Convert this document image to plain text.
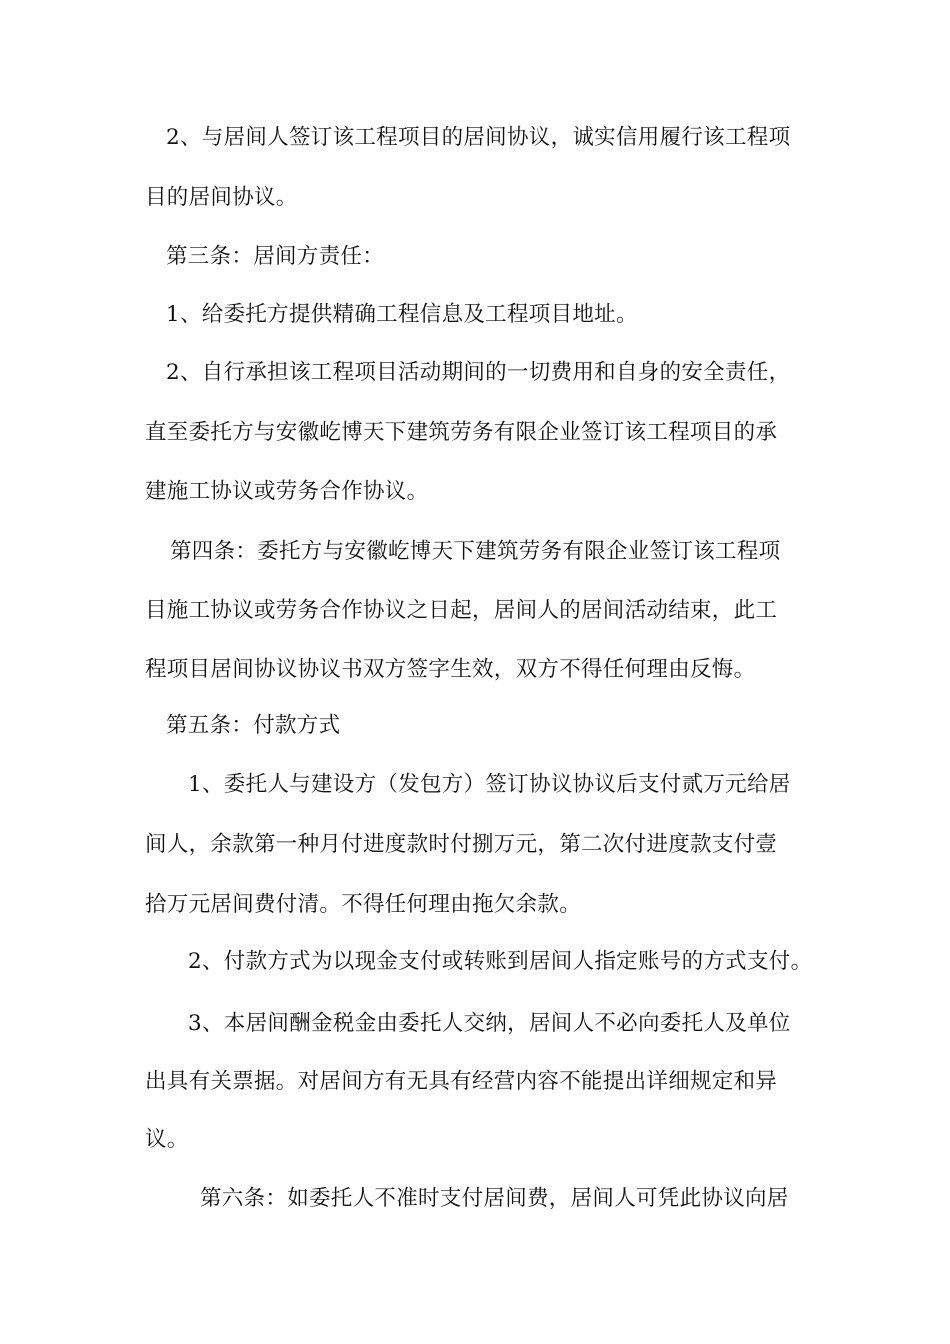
2、与居间人签订该工程项目的居间协议，诚实信用履行该工程项
目的居间协议。
第三条：居间方责任：
1、给委托方提供精确工程信息及工程项目地址。
2、自行承担该工程项目活动期间的一切费用和自身的安全责任，
直至委托方与安徽屹博天下建筑劳务有限企业签订该工程项目的承
建施工协议或劳务合作协议。
第四条：委托方与安徽屹博天下建筑劳务有限企业签订该工程项
目施工协议或劳务合作协议之日起，居间人的居间活动结束，此工
程项目居间协议协议书双方签字生效，双方不得任何理由反悔。
第五条：付款方式
1、委托人与建设方（发包方）签订协议协议后支付贰万元给居
间人，余款第一种月付进度款时付捌万元，第二次付进度款支付壹
拾万元居间费付清。不得任何理由拖欠余款。
2、付款方式为以现金支付或转账到居间人指定账号的方式支付。
3、本居间酬金税金由委托人交纳，居间人不必向委托人及单位
出具有关票据。对居间方有无具有经营内容不能提出详细规定和异
议。
第六条：如委托人不准时支付居间费，居间人可凭此协议向居
